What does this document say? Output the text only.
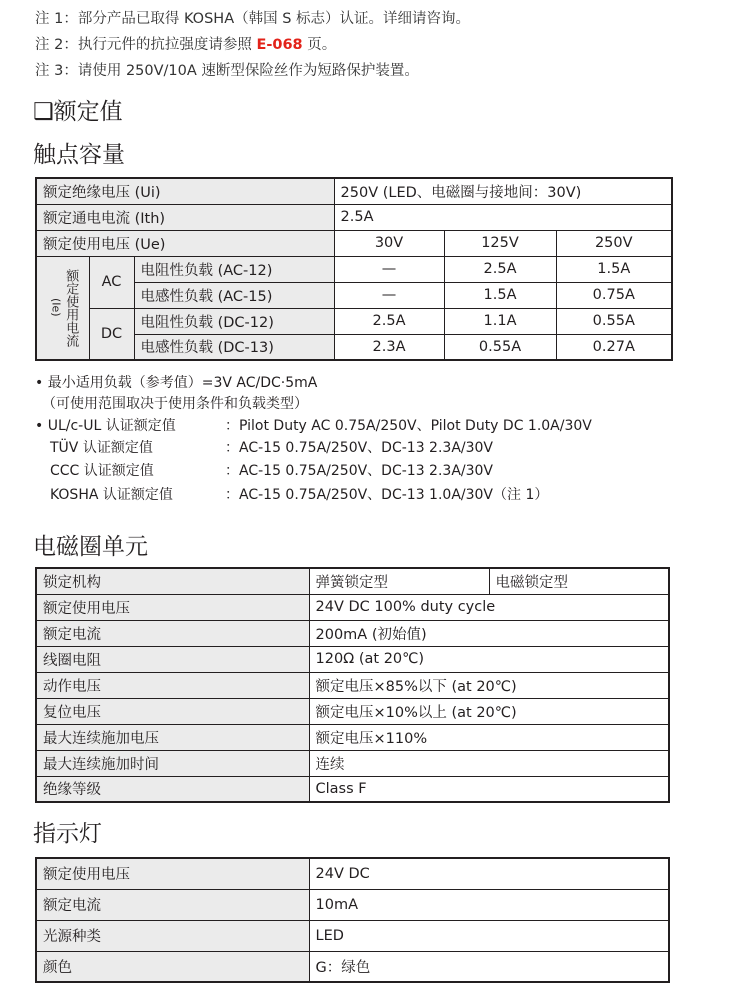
注 1：部分产品已取得 KOSHA（韩国 S 标志）认证。详细请咨询。
注 2：执行元件的抗拉强度请参照 E-068 页。
注 3：请使用 250V/10A 速断型保险丝作为短路保护装置。
❑额定值
触点容量
额定绝缘电压 (Ui)			250V (LED、电磁圈与接地间：30V)		
额定通电电流 (Ith)			2.5A		
额定使用电压 (Ue)			30V	125V	250V

(Ie) 额定使用电流	AC	电阻性负载 (AC-12)	—	2.5A	1.5A
		电感性负载 (AC-15)	—	1.5A	0.75A
	DC	电阻性负载 (DC-12)	2.5A	1.1A	0.55A
		电感性负载 (DC-13)	2.3A	0.55A	0.27A
• 最小适用负载（参考值）=3V AC/DC·5mA
（可使用范围取决于使用条件和负载类型）
• UL/c-UL 认证额定值	：Pilot Duty AC 0.75A/250V、Pilot Duty DC 1.0A/30V
TÜV 认证额定值	：AC-15 0.75A/250V、DC-13 2.3A/30V
CCC 认证额定值	：AC-15 0.75A/250V、DC-13 2.3A/30V
KOSHA 认证额定值	：AC-15 0.75A/250V、DC-13 1.0A/30V（注 1）
电磁圈单元
锁定机构	弹簧锁定型	电磁锁定型
额定使用电压	24V DC 100% duty cycle	
额定电流	200mA (初始值)	
线圈电阻	120Ω (at 20℃)	
动作电压	额定电压×85%以下 (at 20℃)	
复位电压	额定电压×10%以上 (at 20℃)	
最大连续施加电压	额定电压×110%	
最大连续施加时间	连续	
绝缘等级	Class F	
指示灯
额定使用电压	24V DC
额定电流	10mA
光源种类	LED
颜色	G：绿色
